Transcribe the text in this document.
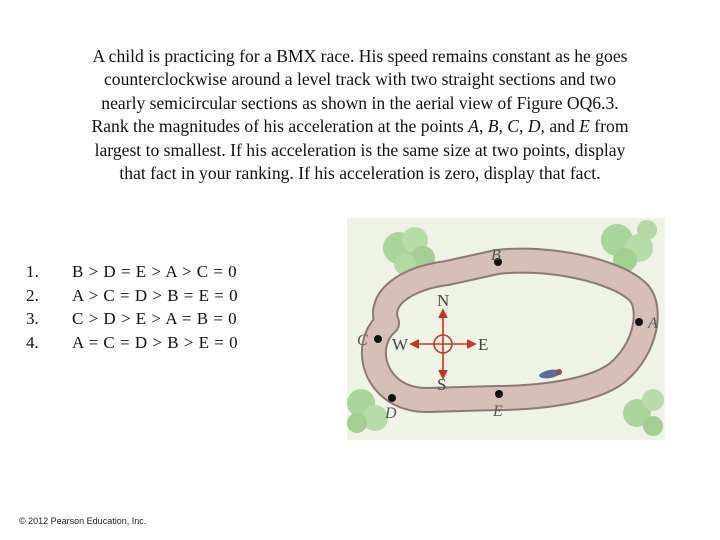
A child is practicing for a BMX race. His speed remains constant as he goes
counterclockwise around a level track with two straight sections and two
nearly semicircular sections as shown in the aerial view of Figure OQ6.3.
Rank the magnitudes of his acceleration at the points A, B, C, D, and E from
largest to smallest. If his acceleration is the same size at two points, display
that fact in your ranking. If his acceleration is zero, display that fact.
1.	B > D = E > A > C = 0
2.	A > C = D > B = E = 0
3.	C > D > E > A = B = 0
4.	A = C = D > B > E = 0
B
A
C
D	E
N
S
E
W
© 2012 Pearson Education, Inc.
